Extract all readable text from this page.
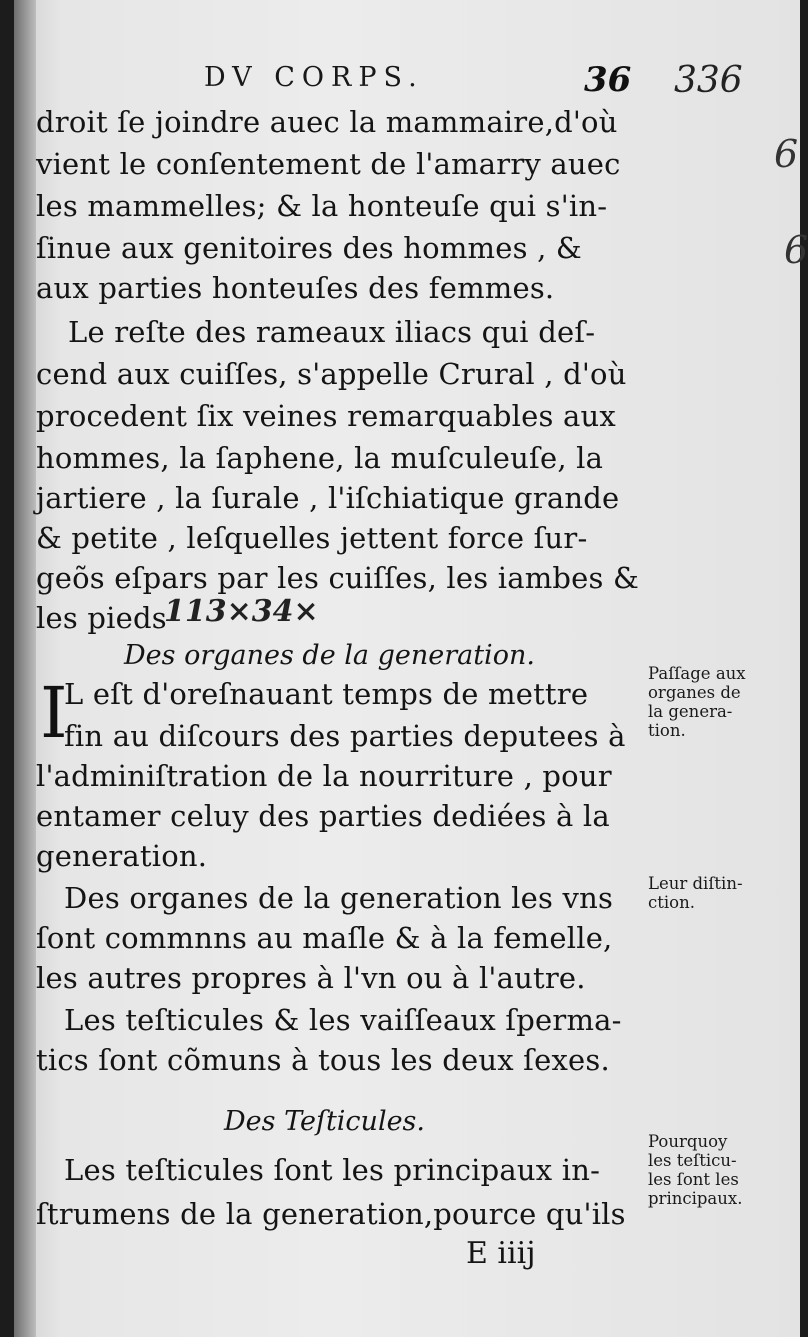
DV CORPS.	36 336
6
6
droit ſe joindre auec la mammaire,d'où
vient le conſentement de l'amarry auec
les mammelles; & la honteuſe qui s'in-
ſinue aux genitoires des hommes , &
aux parties honteuſes des femmes.
Le reſte des rameaux iliacs qui deſ-
cend aux cuiſſes, s'appelle Crural , d'où
procedent ſix veines remarquables aux
hommes, la ſaphene, la muſculeuſe, la
jartiere , la ſurale , l'iſchiatique grande
& petite , leſquelles jettent force ſur-
geõs eſpars par les cuiſſes, les iambes &
les pieds
113×34×
Des organes de la generation.
I
L eſt d'oreſnauant temps de mettre
fin au diſcours des parties deputees à
l'adminiſtration de la nourriture , pour
entamer celuy des parties dediées à la
generation.
Des organes de la generation les vns
ſont commnns au maſle & à la femelle,
les autres propres à l'vn ou à l'autre.
Les teſticules & les vaiſſeaux ſperma-
tics ſont cõmuns à tous les deux ſexes.
Des Teſticules.
Les teſticules ſont les principaux in-
ſtrumens de la generation,pource qu'ils
Paſſage aux
organes de
la genera-
tion.
Leur diſtin-
ction.
Pourquoy
les teſticu-
les ſont les
principaux.
E iiij
